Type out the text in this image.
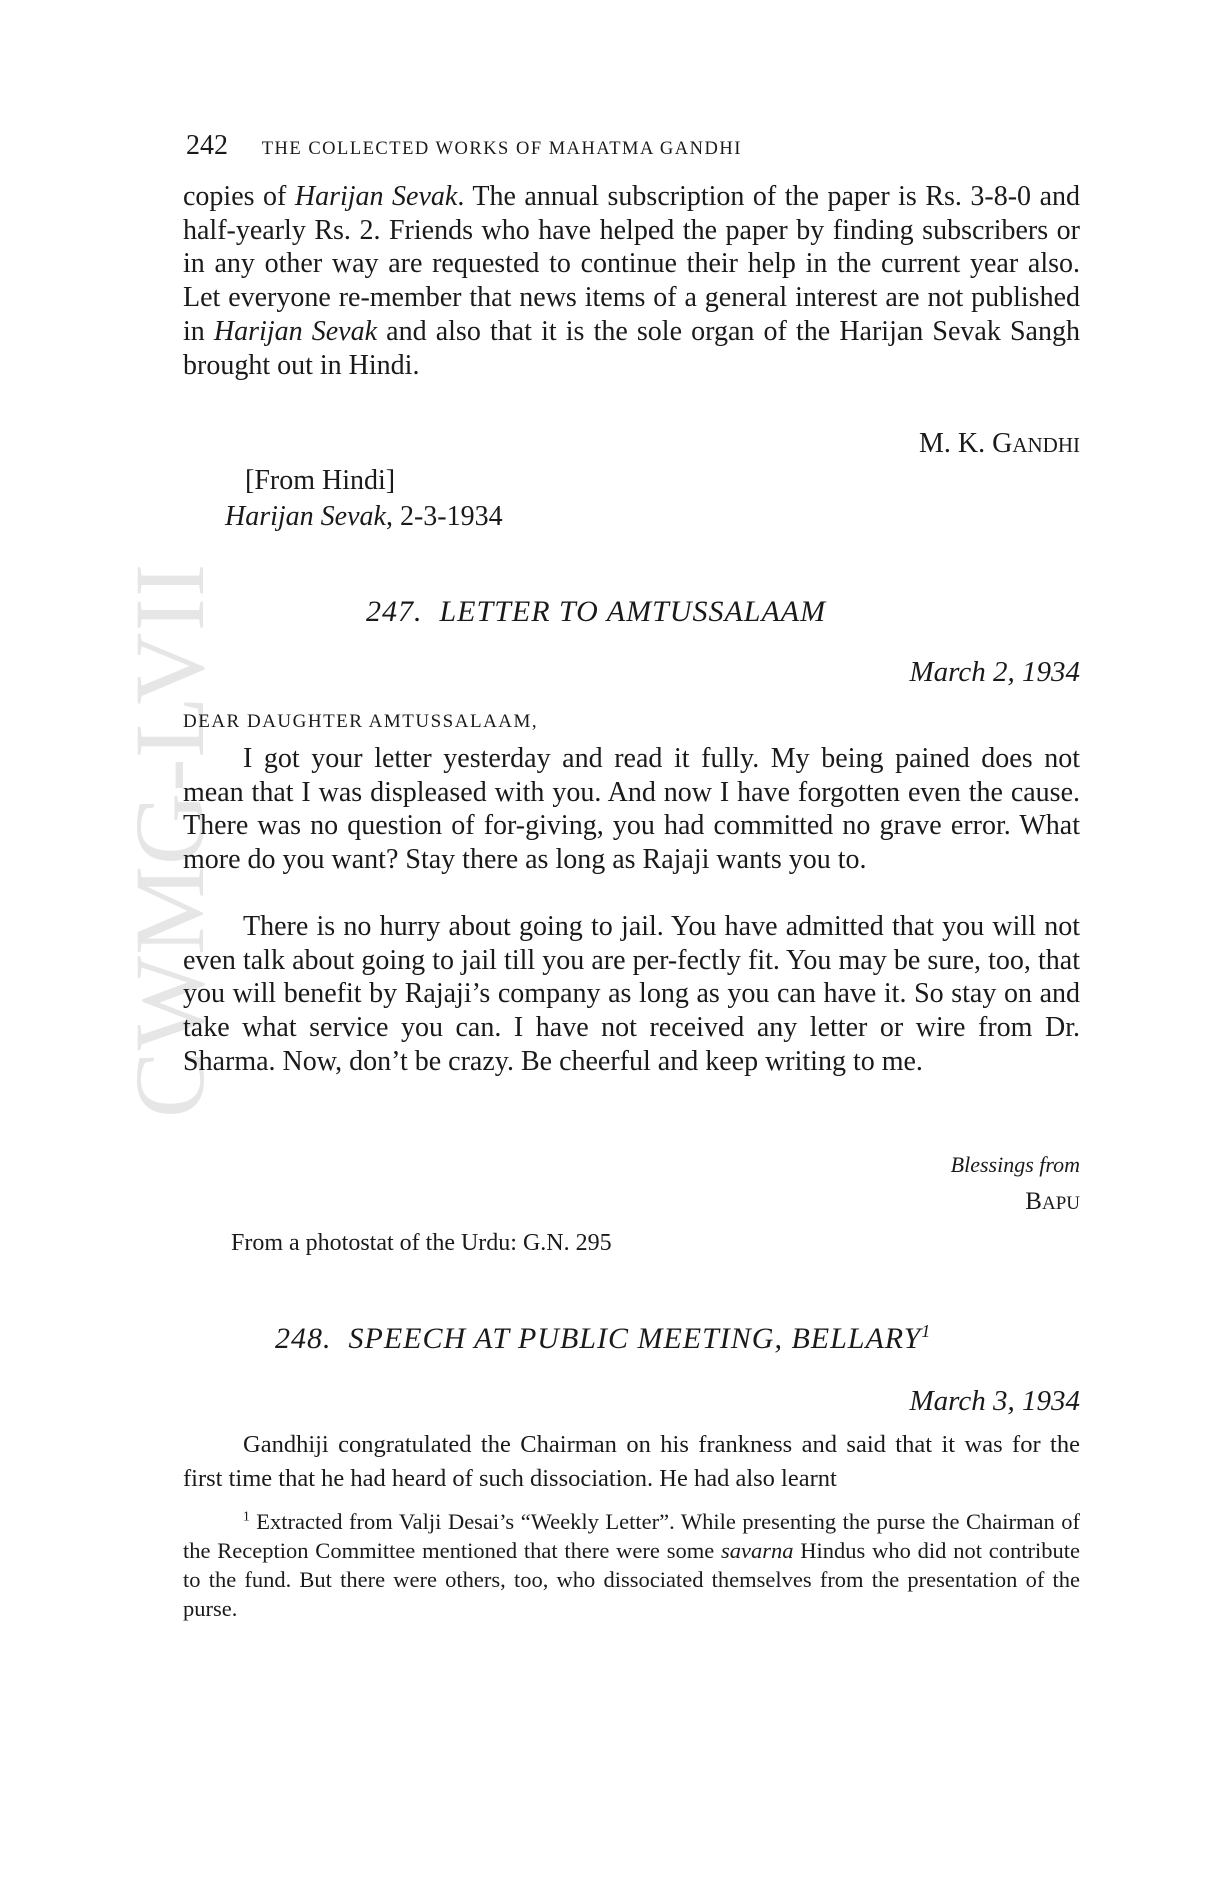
CWMG-LVII
242 THE COLLECTED WORKS OF MAHATMA GANDHI

copies of Harijan Sevak. The annual subscription of the paper is Rs. 3-8-0 and half-yearly Rs. 2. Friends who have helped the paper by finding subscribers or in any other way are requested to continue their help in the current year also. Let everyone re-member that news items of a general interest are not published in Harijan Sevak and also that it is the sole organ of the Harijan Sevak Sangh brought out in Hindi.

M. K. GANDHI
[From Hindi]
Harijan Sevak, 2-3-1934
247. LETTER TO AMTUSSALAAM
March 2, 1934
DEAR DAUGHTER AMTUSSALAAM,

I got your letter yesterday and read it fully. My being pained does not mean that I was displeased with you. And now I have forgotten even the cause. There was no question of for-giving, you had committed no grave error. What more do you want? Stay there as long as Rajaji wants you to.

There is no hurry about going to jail. You have admitted that you will not even talk about going to jail till you are per-fectly fit. You may be sure, too, that you will benefit by Rajaji’s company as long as you can have it. So stay on and take what service you can. I have not received any letter or wire from Dr. Sharma. Now, don’t be crazy. Be cheerful and keep writing to me.

Blessings from
BAPU
From a photostat of the Urdu: G.N. 295
248. SPEECH AT PUBLIC MEETING, BELLARY$^1$
March 3, 1934

Gandhiji congratulated the Chairman on his frankness and said that it was for the first time that he had heard of such dissociation. He had also learnt

$^1$ Extracted from Valji Desai’s “Weekly Letter”. While presenting the purse the Chairman of the Reception Committee mentioned that there were some savarna Hindus who did not contribute to the fund. But there were others, too, who dissociated themselves from the presentation of the purse.
